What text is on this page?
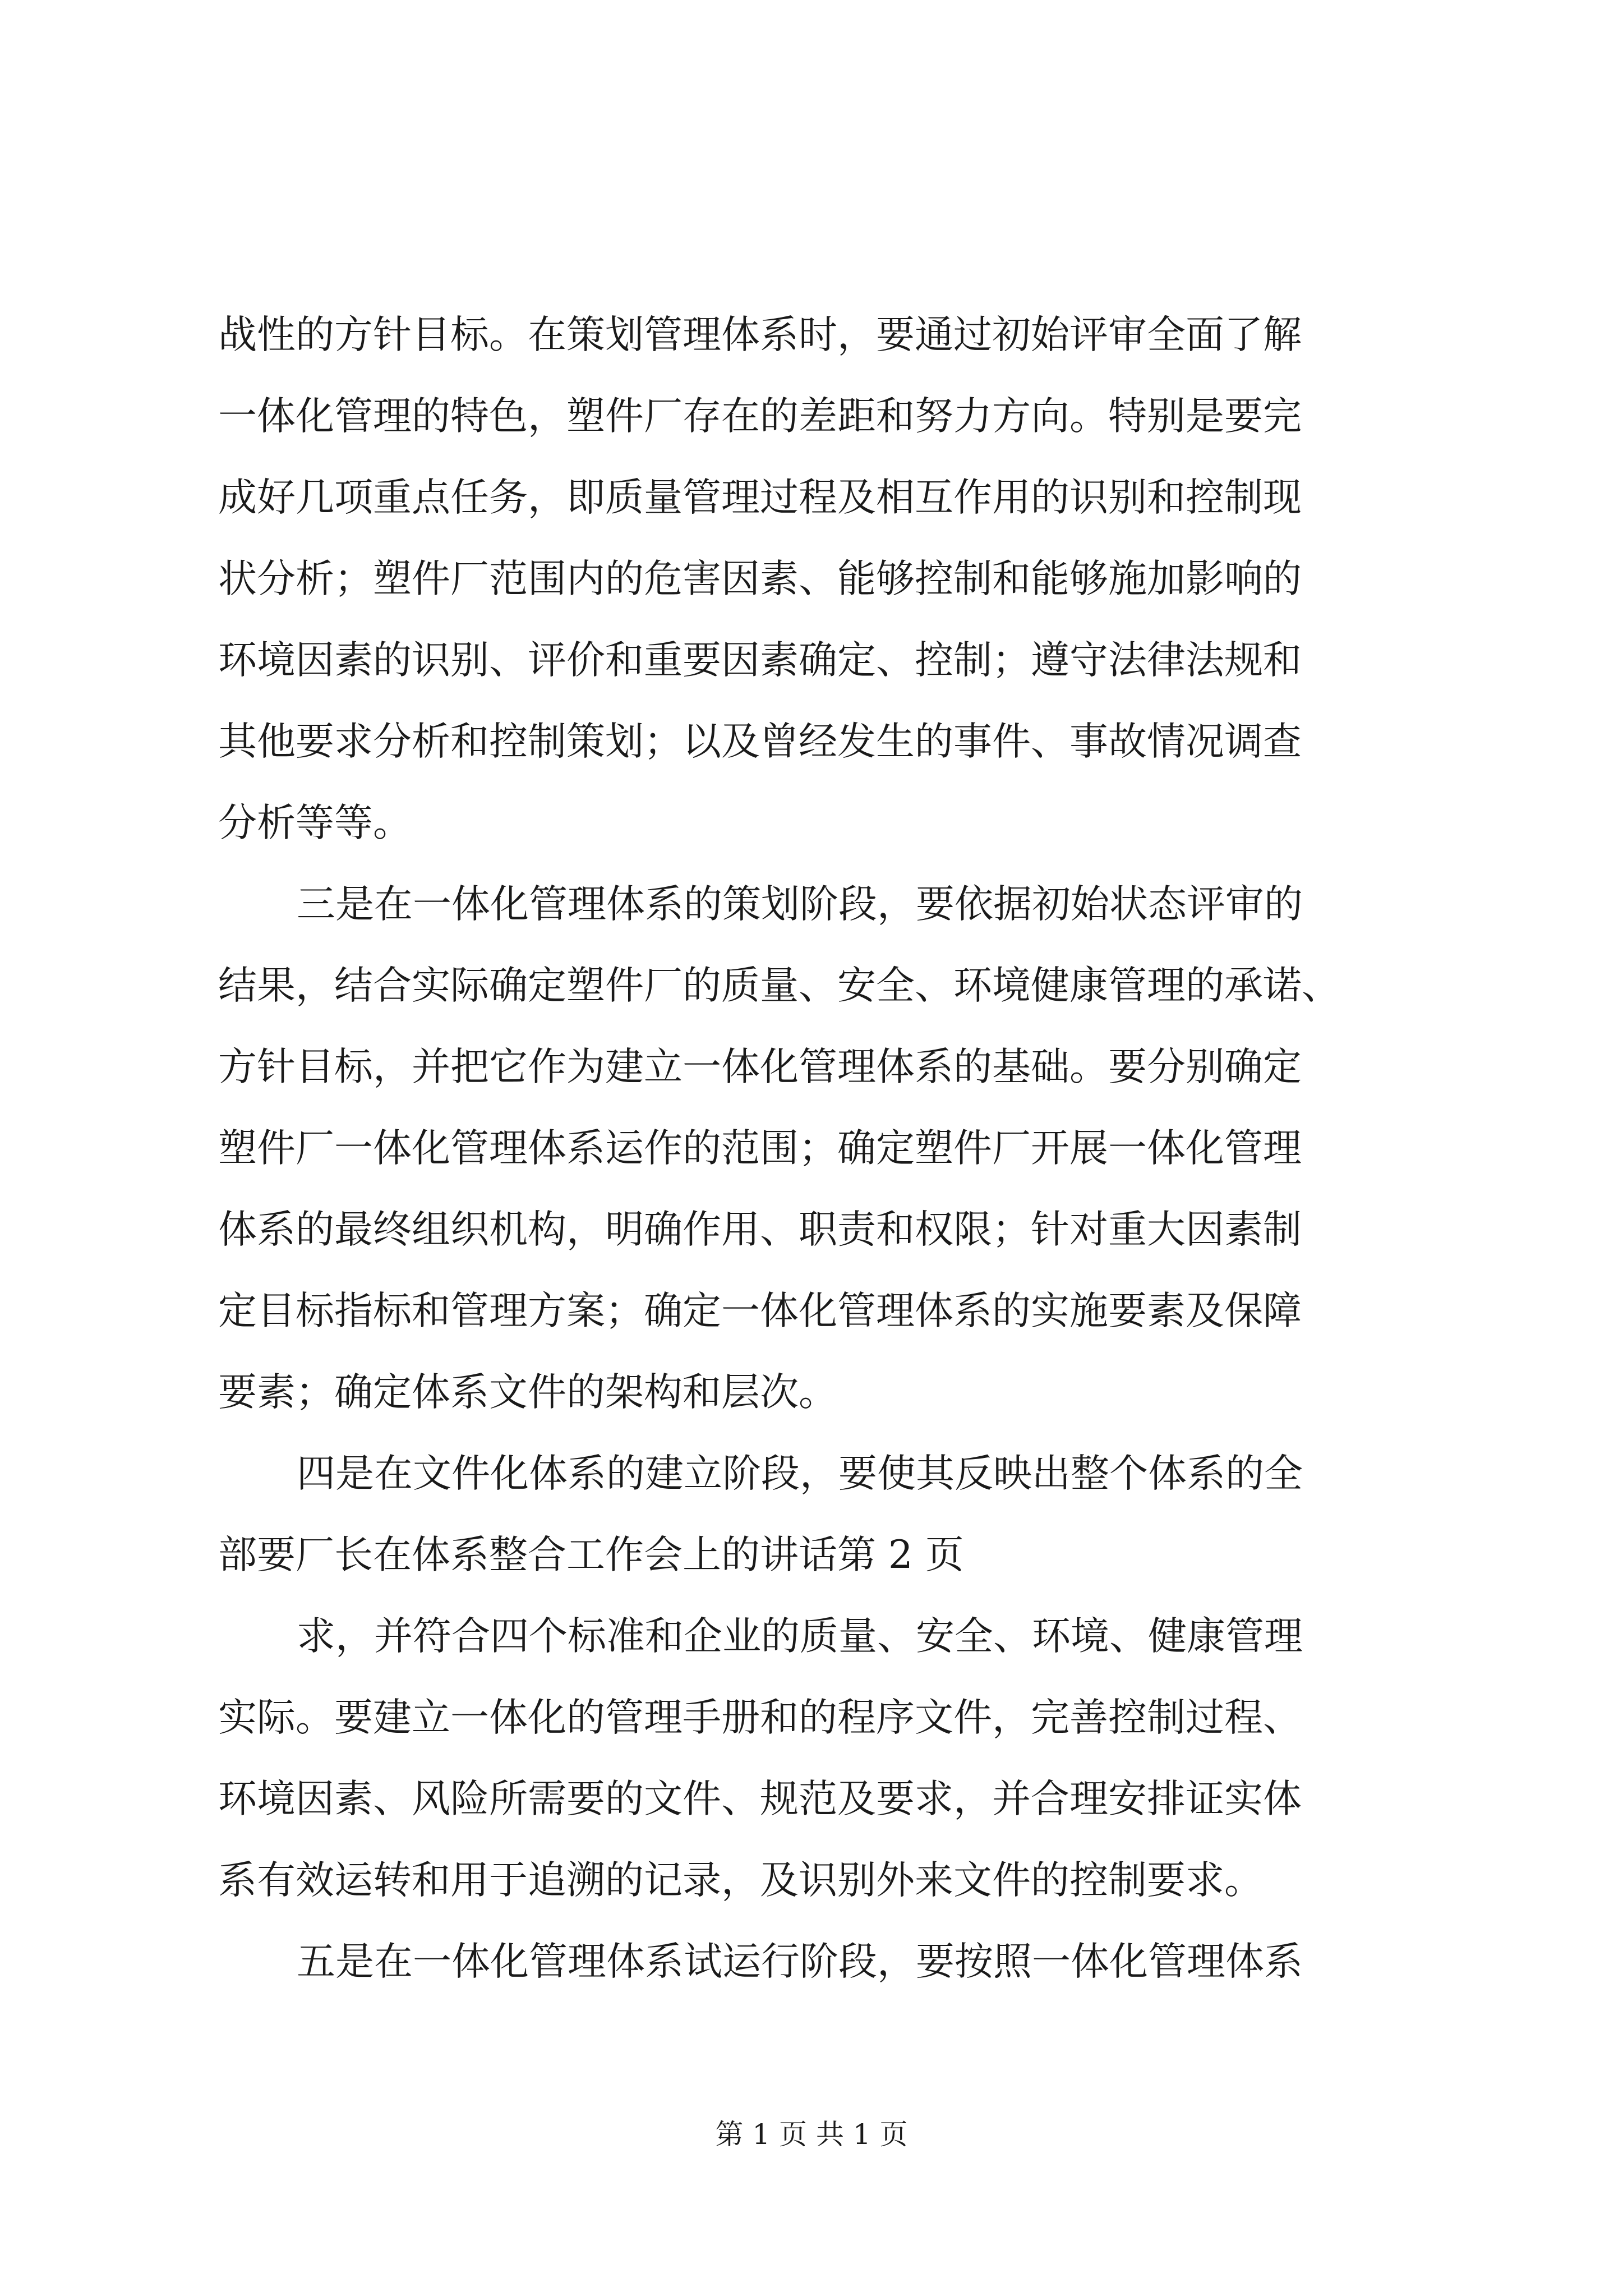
战性的方针目标。在策划管理体系时，要通过初始评审全面了解
一体化管理的特色，塑件厂存在的差距和努力方向。特别是要完
成好几项重点任务，即质量管理过程及相互作用的识别和控制现
状分析；塑件厂范围内的危害因素、能够控制和能够施加影响的
环境因素的识别、评价和重要因素确定、控制；遵守法律法规和
其他要求分析和控制策划；以及曾经发生的事件、事故情况调查
分析等等。
三是在一体化管理体系的策划阶段，要依据初始状态评审的
结果，结合实际确定塑件厂的质量、安全、环境健康管理的承诺、
方针目标，并把它作为建立一体化管理体系的基础。要分别确定
塑件厂一体化管理体系运作的范围；确定塑件厂开展一体化管理
体系的最终组织机构，明确作用、职责和权限；针对重大因素制
定目标指标和管理方案；确定一体化管理体系的实施要素及保障
要素；确定体系文件的架构和层次。
四是在文件化体系的建立阶段，要使其反映出整个体系的全
部要厂长在体系整合工作会上的讲话第 2 页
求，并符合四个标准和企业的质量、安全、环境、健康管理
实际。要建立一体化的管理手册和的程序文件，完善控制过程、
环境因素、风险所需要的文件、规范及要求，并合理安排证实体
系有效运转和用于追溯的记录，及识别外来文件的控制要求。
五是在一体化管理体系试运行阶段，要按照一体化管理体系
第 1 页 共 1 页
